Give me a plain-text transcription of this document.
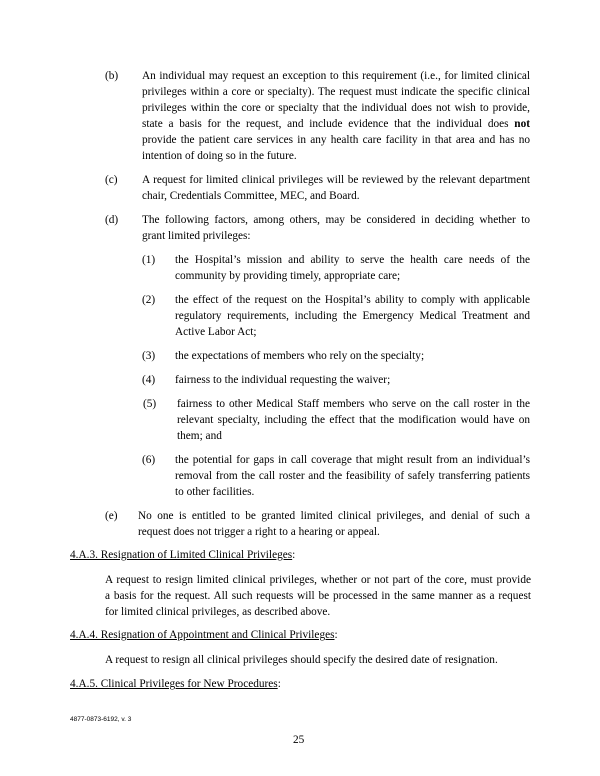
(b) An individual may request an exception to this requirement (i.e., for limited clinical
privileges within a core or specialty). The request must indicate the specific clinical
privileges within the core or specialty that the individual does not wish to provide,
state a basis for the request, and include evidence that the individual does not
provide the patient care services in any health care facility in that area and has no
intention of doing so in the future.
(c) A request for limited clinical privileges will be reviewed by the relevant department
chair, Credentials Committee, MEC, and Board.
(d) The following factors, among others, may be considered in deciding whether to
grant limited privileges:
(1) the Hospital’s mission and ability to serve the health care needs of the
community by providing timely, appropriate care;
(2) the effect of the request on the Hospital’s ability to comply with applicable
regulatory requirements, including the Emergency Medical Treatment and
Active Labor Act;
(3) the expectations of members who rely on the specialty;
(4) fairness to the individual requesting the waiver;
(5) fairness to other Medical Staff members who serve on the call roster in the
relevant specialty, including the effect that the modification would have on
them; and
(6) the potential for gaps in call coverage that might result from an individual’s
removal from the call roster and the feasibility of safely transferring patients
to other facilities.
(e) No one is entitled to be granted limited clinical privileges, and denial of such a
request does not trigger a right to a hearing or appeal.
4.A.3. Resignation of Limited Clinical Privileges:
A request to resign limited clinical privileges, whether or not part of the core, must provide
a basis for the request. All such requests will be processed in the same manner as a request
for limited clinical privileges, as described above.
4.A.4. Resignation of Appointment and Clinical Privileges:
A request to resign all clinical privileges should specify the desired date of resignation.
4.A.5. Clinical Privileges for New Procedures:
4877-0873-6192, v. 3
25
